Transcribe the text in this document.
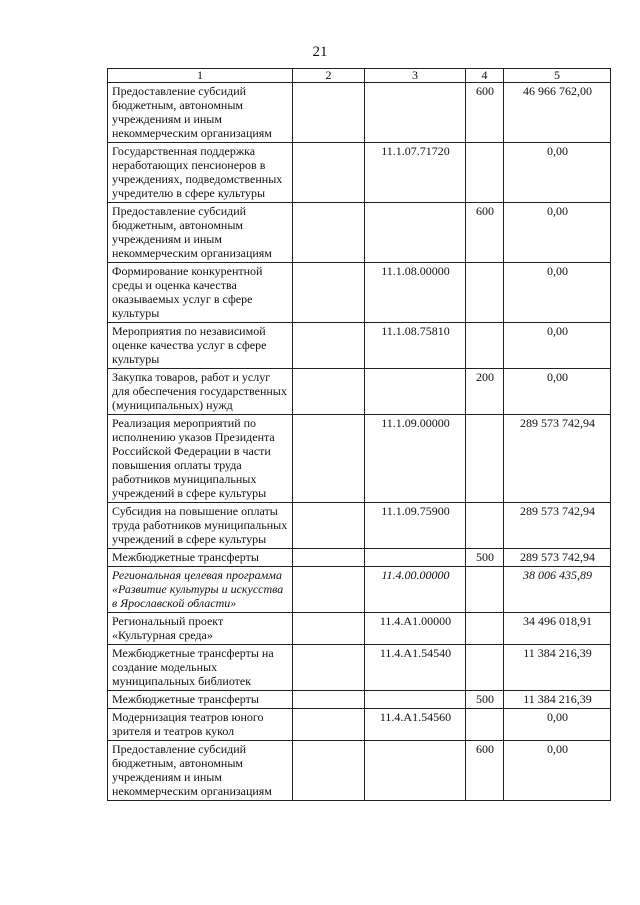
21
1	2	3	4	5
Предоставление субсидий бюджетным, автономным учреждениям и иным некоммерческим организациям			600	46 966 762,00
Государственная поддержка неработающих пенсионеров в учреждениях, подведомственных учредителю в сфере культуры		11.1.07.71720		0,00
Предоставление субсидий бюджетным, автономным учреждениям и иным некоммерческим организациям			600	0,00
Формирование конкурентной среды и оценка качества оказываемых услуг в сфере культуры		11.1.08.00000		0,00
Мероприятия по независимой оценке качества услуг в сфере культуры		11.1.08.75810		0,00
Закупка товаров, работ и услуг для обеспечения государственных (муниципальных) нужд			200	0,00
Реализация мероприятий по исполнению указов Президента Российской Федерации в части повышения оплаты труда работников муниципальных учреждений в сфере культуры		11.1.09.00000		289 573 742,94
Субсидия на повышение оплаты труда работников муниципальных учреждений в сфере культуры		11.1.09.75900		289 573 742,94
Межбюджетные трансферты			500	289 573 742,94
Региональная целевая программа «Развитие культуры и искусства в Ярославской области»		11.4.00.00000		38 006 435,89
Региональный проект «Культурная среда»		11.4.А1.00000		34 496 018,91
Межбюджетные трансферты на создание модельных муниципальных библиотек		11.4.А1.54540		11 384 216,39
Межбюджетные трансферты			500	11 384 216,39
Модернизация театров юного зрителя и театров кукол		11.4.А1.54560		0,00
Предоставление субсидий бюджетным, автономным учреждениям и иным некоммерческим организациям			600	0,00
